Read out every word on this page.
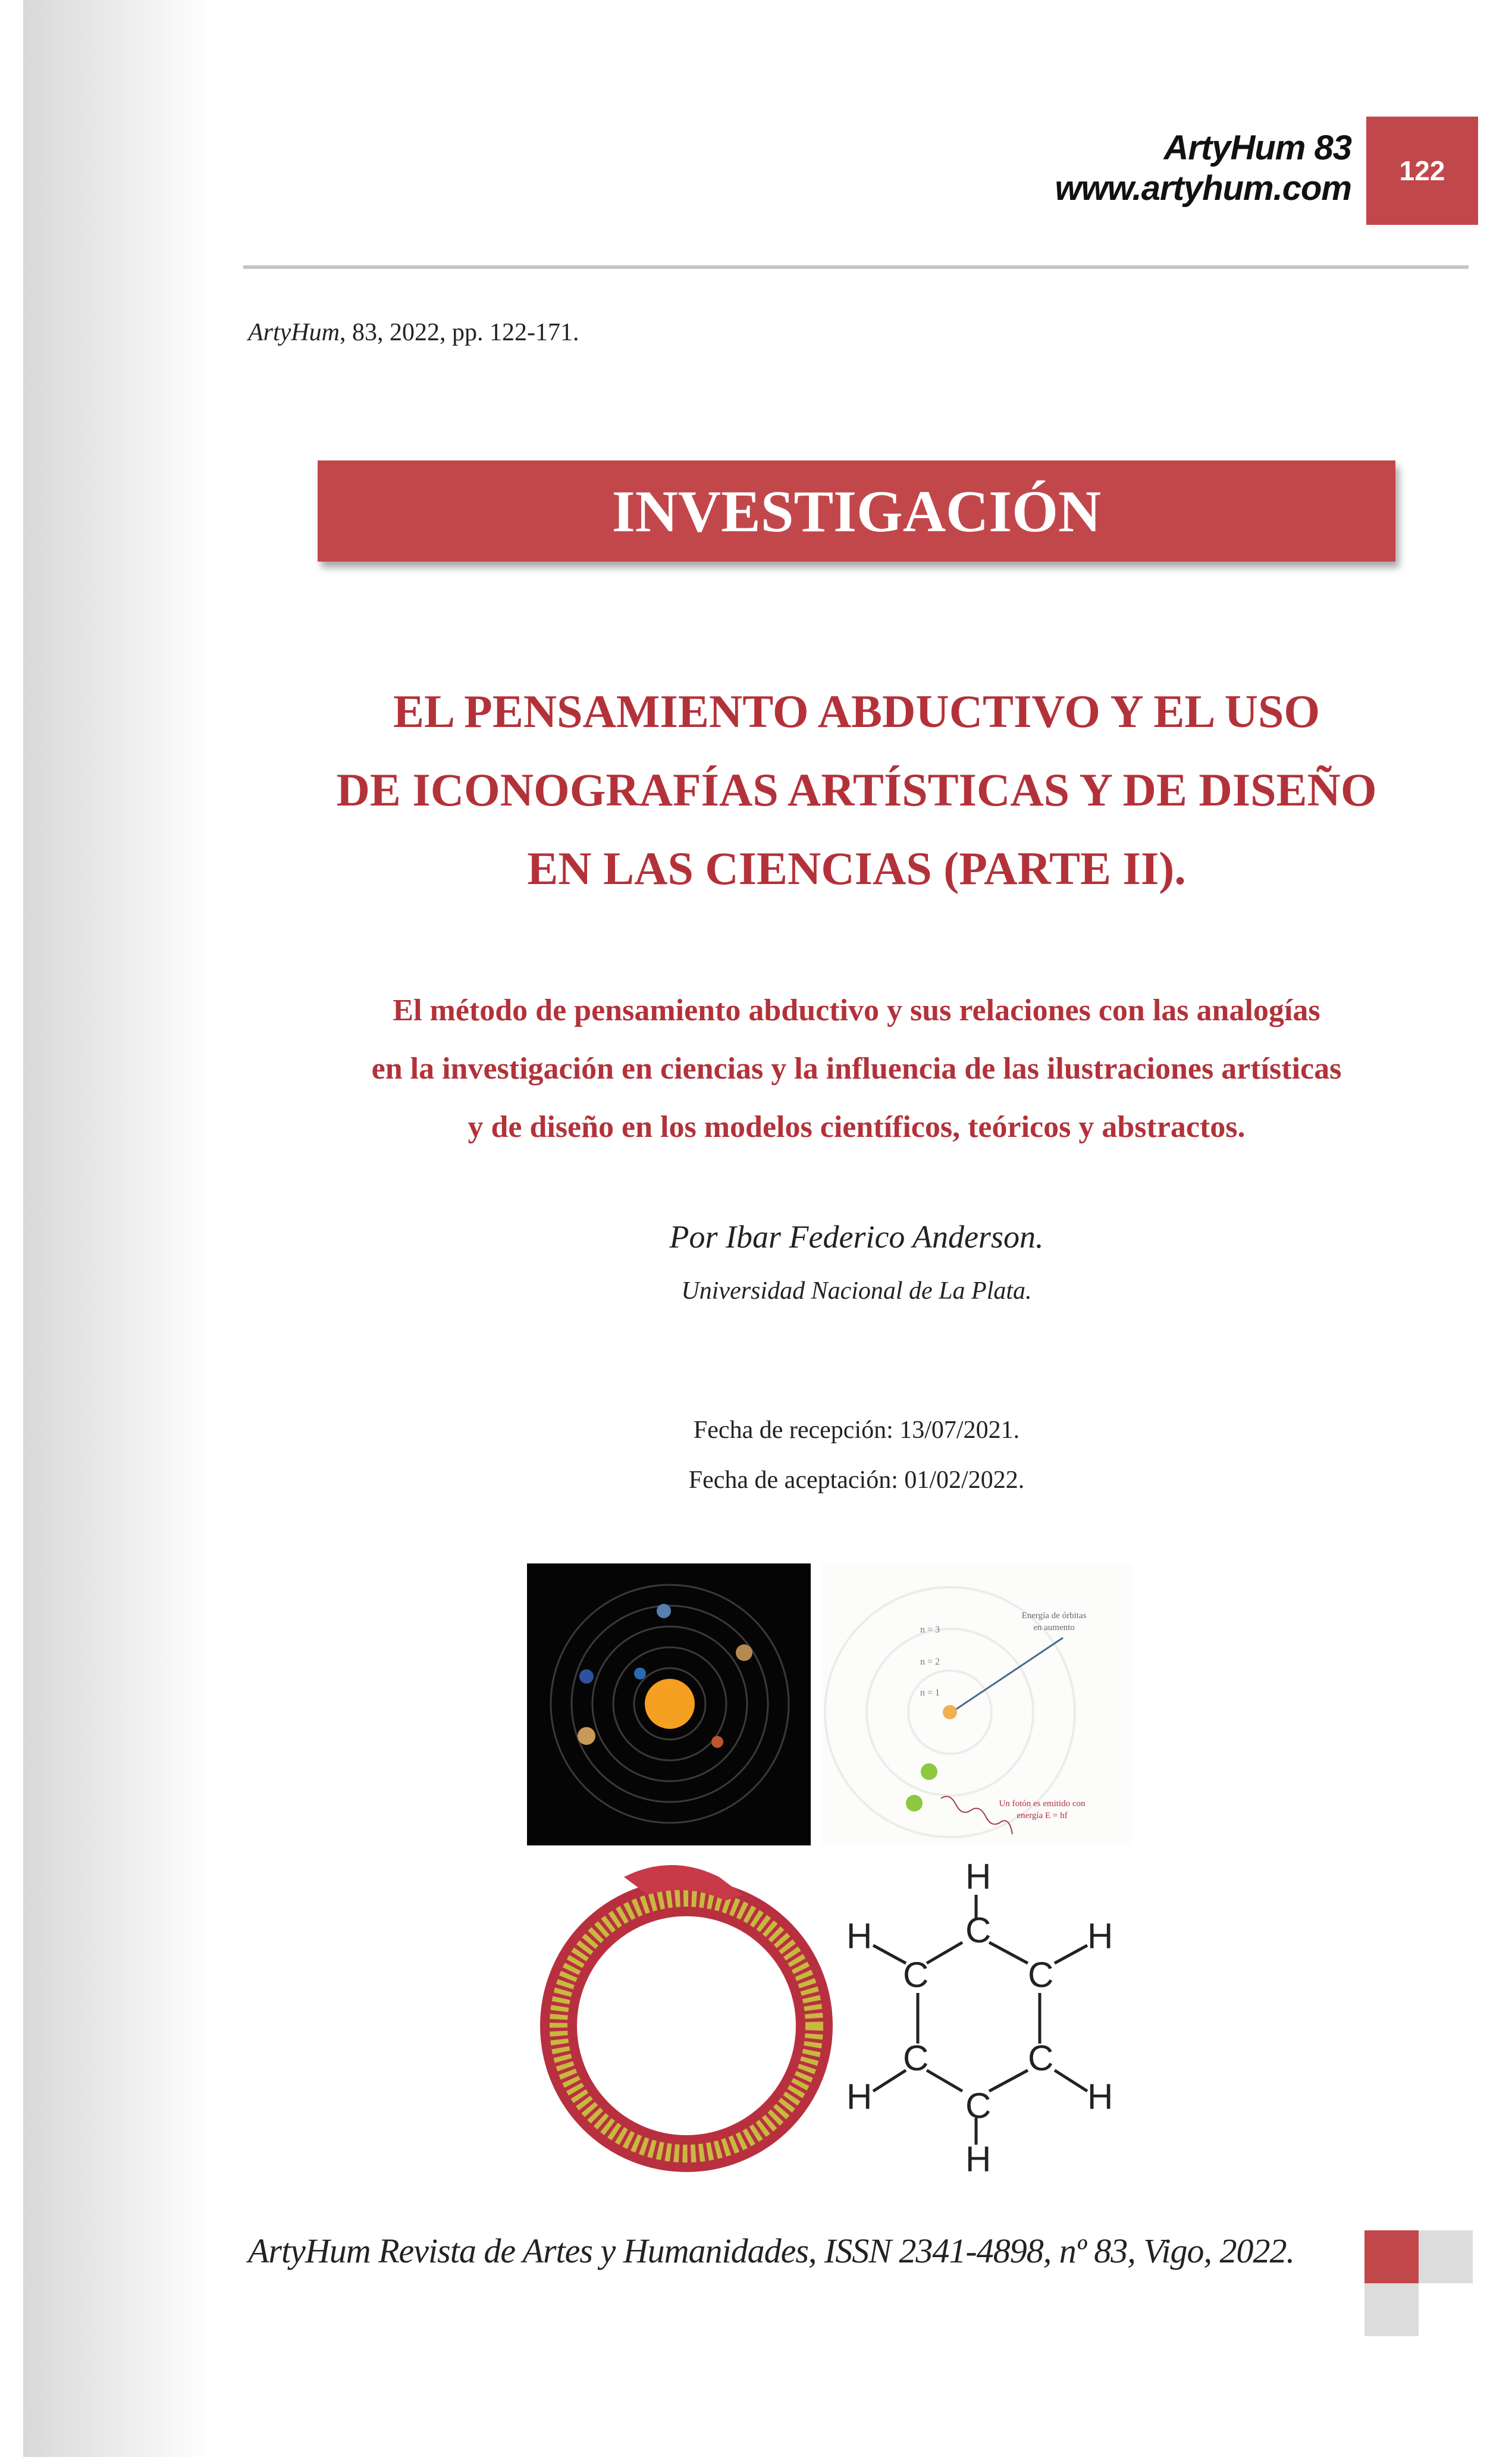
ArtyHum 83
www.artyhum.com	122
ArtyHum, 83, 2022, pp. 122-171.
INVESTIGACIÓN
EL PENSAMIENTO ABDUCTIVO Y EL USO
DE ICONOGRAFÍAS ARTÍSTICAS Y DE DISEÑO
EN LAS CIENCIAS (PARTE II).
El método de pensamiento abductivo y sus relaciones con las analogías
en la investigación en ciencias y la influencia de las ilustraciones artísticas
y de diseño en los modelos científicos, teóricos y abstractos.
Por Ibar Federico Anderson.
Universidad Nacional de La Plata.
Fecha de recepción: 13/07/2021.
Fecha de aceptación: 01/02/2022.
n = 3
n = 2
n = 1
Energía de órbitas
en aumento
Un fotón es emitido con
energía E = hf
H
C
C	C
C	C
C
H
H	H
H	H
ArtyHum Revista de Artes y Humanidades, ISSN 2341-4898, nº 83, Vigo, 2022.
